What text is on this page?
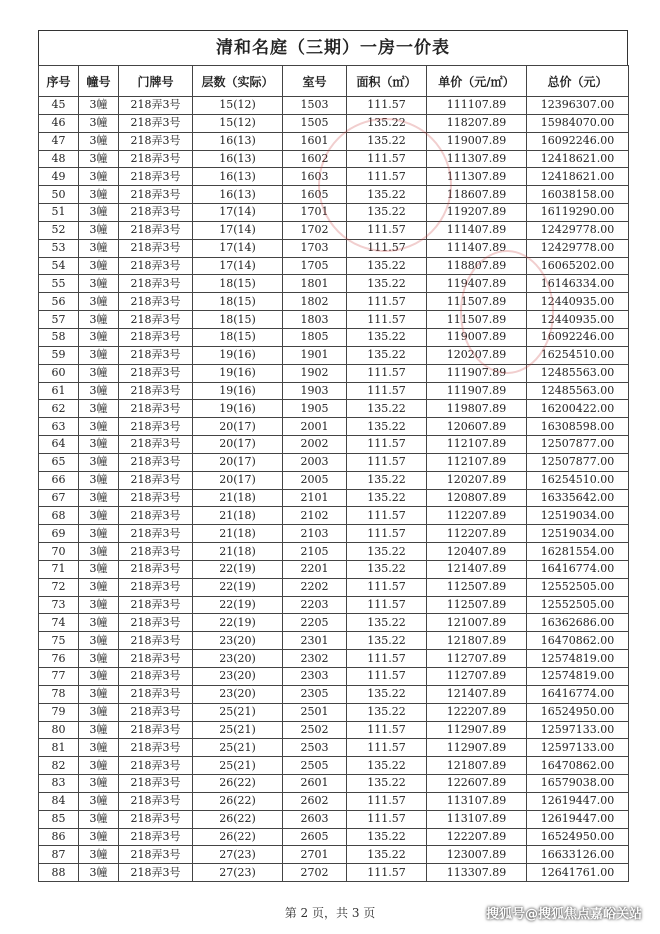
清和名庭（三期）一房一价表
序号	幢号	门牌号	层数（实际）	室号	面积（㎡）	单价（元/㎡）	总价（元）
45	3幢	218弄3号	15(12)	1503	111.57	111107.89	12396307.00
46	3幢	218弄3号	15(12)	1505	135.22	118207.89	15984070.00
47	3幢	218弄3号	16(13)	1601	135.22	119007.89	16092246.00
48	3幢	218弄3号	16(13)	1602	111.57	111307.89	12418621.00
49	3幢	218弄3号	16(13)	1603	111.57	111307.89	12418621.00
50	3幢	218弄3号	16(13)	1605	135.22	118607.89	16038158.00
51	3幢	218弄3号	17(14)	1701	135.22	119207.89	16119290.00
52	3幢	218弄3号	17(14)	1702	111.57	111407.89	12429778.00
53	3幢	218弄3号	17(14)	1703	111.57	111407.89	12429778.00
54	3幢	218弄3号	17(14)	1705	135.22	118807.89	16065202.00
55	3幢	218弄3号	18(15)	1801	135.22	119407.89	16146334.00
56	3幢	218弄3号	18(15)	1802	111.57	111507.89	12440935.00
57	3幢	218弄3号	18(15)	1803	111.57	111507.89	12440935.00
58	3幢	218弄3号	18(15)	1805	135.22	119007.89	16092246.00
59	3幢	218弄3号	19(16)	1901	135.22	120207.89	16254510.00
60	3幢	218弄3号	19(16)	1902	111.57	111907.89	12485563.00
61	3幢	218弄3号	19(16)	1903	111.57	111907.89	12485563.00
62	3幢	218弄3号	19(16)	1905	135.22	119807.89	16200422.00
63	3幢	218弄3号	20(17)	2001	135.22	120607.89	16308598.00
64	3幢	218弄3号	20(17)	2002	111.57	112107.89	12507877.00
65	3幢	218弄3号	20(17)	2003	111.57	112107.89	12507877.00
66	3幢	218弄3号	20(17)	2005	135.22	120207.89	16254510.00
67	3幢	218弄3号	21(18)	2101	135.22	120807.89	16335642.00
68	3幢	218弄3号	21(18)	2102	111.57	112207.89	12519034.00
69	3幢	218弄3号	21(18)	2103	111.57	112207.89	12519034.00
70	3幢	218弄3号	21(18)	2105	135.22	120407.89	16281554.00
71	3幢	218弄3号	22(19)	2201	135.22	121407.89	16416774.00
72	3幢	218弄3号	22(19)	2202	111.57	112507.89	12552505.00
73	3幢	218弄3号	22(19)	2203	111.57	112507.89	12552505.00
74	3幢	218弄3号	22(19)	2205	135.22	121007.89	16362686.00
75	3幢	218弄3号	23(20)	2301	135.22	121807.89	16470862.00
76	3幢	218弄3号	23(20)	2302	111.57	112707.89	12574819.00
77	3幢	218弄3号	23(20)	2303	111.57	112707.89	12574819.00
78	3幢	218弄3号	23(20)	2305	135.22	121407.89	16416774.00
79	3幢	218弄3号	25(21)	2501	135.22	122207.89	16524950.00
80	3幢	218弄3号	25(21)	2502	111.57	112907.89	12597133.00
81	3幢	218弄3号	25(21)	2503	111.57	112907.89	12597133.00
82	3幢	218弄3号	25(21)	2505	135.22	121807.89	16470862.00
83	3幢	218弄3号	26(22)	2601	135.22	122607.89	16579038.00
84	3幢	218弄3号	26(22)	2602	111.57	113107.89	12619447.00
85	3幢	218弄3号	26(22)	2603	111.57	113107.89	12619447.00
86	3幢	218弄3号	26(22)	2605	135.22	122207.89	16524950.00
87	3幢	218弄3号	27(23)	2701	135.22	123007.89	16633126.00
88	3幢	218弄3号	27(23)	2702	111.57	113307.89	12641761.00
第 2 页，共 3 页	搜狐号@搜狐焦点嘉峪关站
